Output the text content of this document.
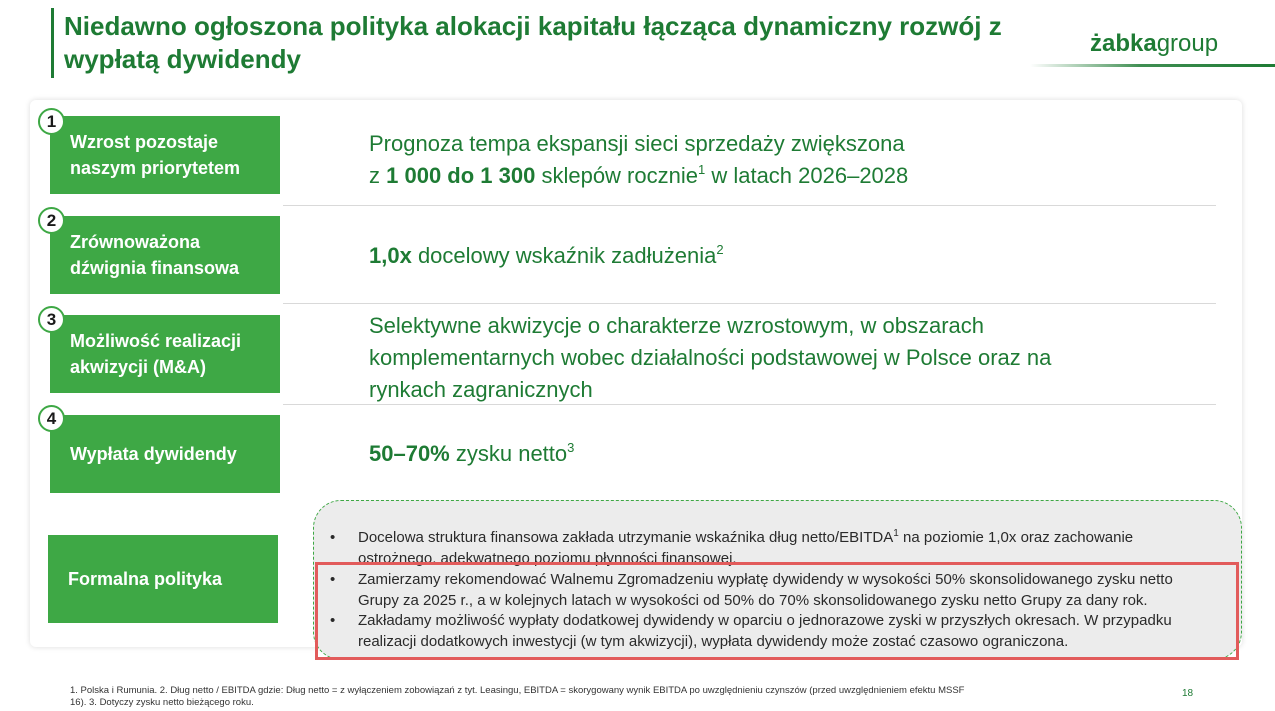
Niedawno ogłoszona polityka alokacji kapitału łącząca dynamiczny rozwój z wypłatą dywidendy
żabkagroup
Wzrost pozostaje
naszym priorytetem
1
Prognoza tempa ekspansji sieci sprzedaży zwiększona
z 1 000 do 1 300 sklepów rocznie$^1$ w latach 2026–2028
Zrównoważona
dźwignia finansowa
2
1,0x docelowy wskaźnik zadłużenia$^2$
Możliwość realizacji
akwizycji (M&A)
3	Selektywne akwizycje o charakterze wzrostowym, w obszarach
komplementarnych wobec działalności podstawowej w Polsce oraz na
rynkach zagranicznych
Wypłata dywidendy
4
50–70% zysku netto$^3$
Formalna polityka
• Docelowa struktura finansowa zakłada utrzymanie wskaźnika dług netto/EBITDA$^1$ na poziomie 1,0x oraz zachowanie
ostrożnego, adekwatnego poziomu płynności finansowej.
• Zamierzamy rekomendować Walnemu Zgromadzeniu wypłatę dywidendy w wysokości 50% skonsolidowanego zysku netto
Grupy za 2025 r., a w kolejnych latach w wysokości od 50% do 70% skonsolidowanego zysku netto Grupy za dany rok.
• Zakładamy możliwość wypłaty dodatkowej dywidendy w oparciu o jednorazowe zyski w przyszłych okresach. W przypadku
realizacji dodatkowych inwestycji (w tym akwizycji), wypłata dywidendy może zostać czasowo ograniczona.
1. Polska i Rumunia. 2. Dług netto / EBITDA gdzie: Dług netto = z wyłączeniem zobowiązań z tyt. Leasingu, EBITDA = skorygowany wynik EBITDA po uwzględnieniu czynszów (przed uwzględnieniem efektu MSSF
16). 3. Dotyczy zysku netto bieżącego roku.
18
